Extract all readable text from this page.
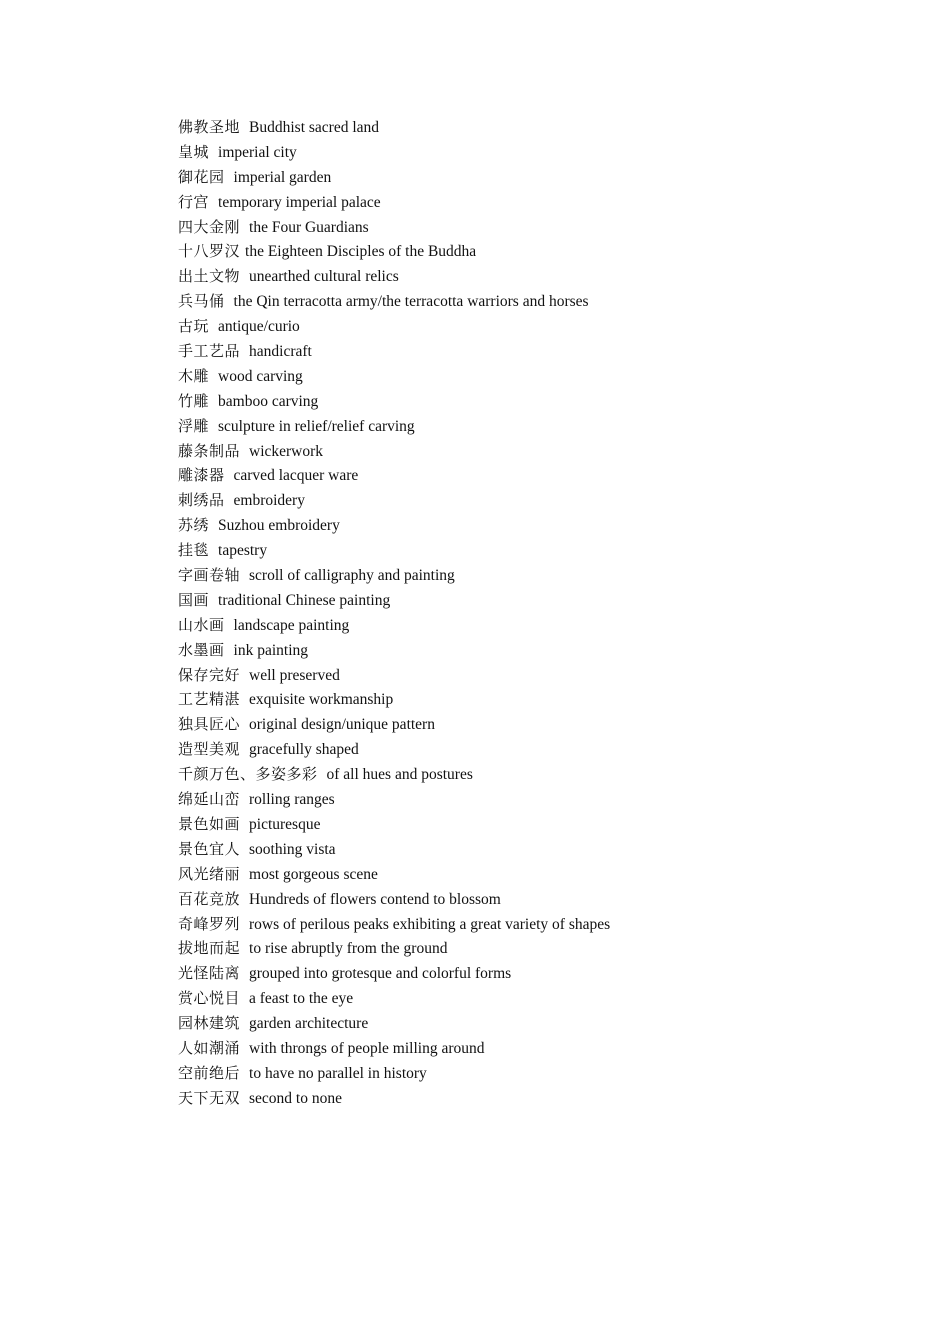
佛教圣地 Buddhist sacred land
皇城 imperial city
御花园 imperial garden
行宫 temporary imperial palace
四大金刚 the Four Guardians
十八罗汉 the Eighteen Disciples of the Buddha
出土文物 unearthed cultural relics
兵马俑 the Qin terracotta army/the terracotta warriors and horses
古玩 antique/curio
手工艺品 handicraft
木雕 wood carving
竹雕 bamboo carving
浮雕 sculpture in relief/relief carving
藤条制品 wickerwork
雕漆器 carved lacquer ware
刺绣品 embroidery
苏绣 Suzhou embroidery
挂毯 tapestry
字画卷轴 scroll of calligraphy and painting
国画 traditional Chinese painting
山水画 landscape painting
水墨画 ink painting
保存完好 well preserved
工艺精湛 exquisite workmanship
独具匠心 original design/unique pattern
造型美观 gracefully shaped
千颜万色、多姿多彩 of all hues and postures
绵延山峦 rolling ranges
景色如画 picturesque
景色宜人 soothing vista
风光绪丽 most gorgeous scene
百花竞放 Hundreds of flowers contend to blossom
奇峰罗列 rows of perilous peaks exhibiting a great variety of shapes
拔地而起 to rise abruptly from the ground
光怪陆离 grouped into grotesque and colorful forms
赏心悦目 a feast to the eye
园林建筑 garden architecture
人如潮涌 with throngs of people milling around
空前绝后 to have no parallel in history
天下无双 second to none
